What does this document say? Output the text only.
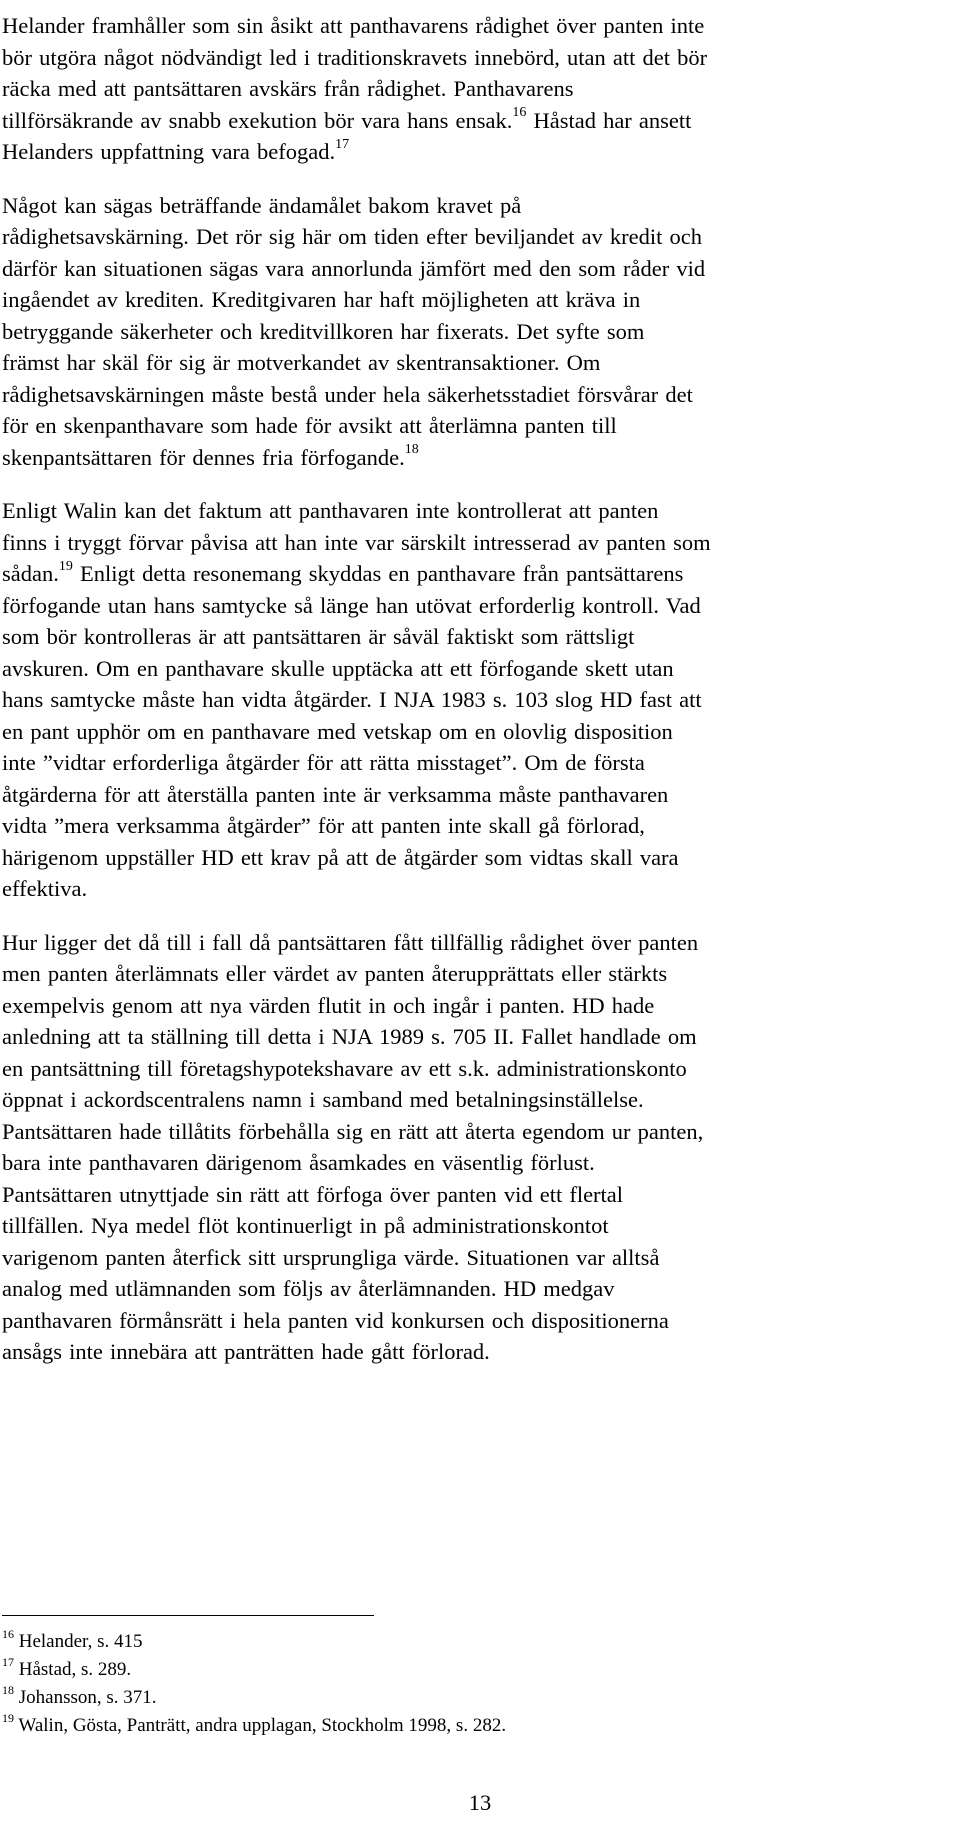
Helander framhåller som sin åsikt att panthavarens rådighet över panten inte
bör utgöra något nödvändigt led i traditionskravets innebörd, utan att det bör
räcka med att pantsättaren avskärs från rådighet. Panthavarens
tillförsäkrande av snabb exekution bör vara hans ensak.$^{16}$ Håstad har ansett
Helanders uppfattning vara befogad.$^{17}$
Något kan sägas beträffande ändamålet bakom kravet på
rådighetsavskärning. Det rör sig här om tiden efter beviljandet av kredit och
därför kan situationen sägas vara annorlunda jämfört med den som råder vid
ingåendet av krediten. Kreditgivaren har haft möjligheten att kräva in
betryggande säkerheter och kreditvillkoren har fixerats. Det syfte som
främst har skäl för sig är motverkandet av skentransaktioner. Om
rådighetsavskärningen måste bestå under hela säkerhetsstadiet försvårar det
för en skenpanthavare som hade för avsikt att återlämna panten till
skenpantsättaren för dennes fria förfogande.$^{18}$
Enligt Walin kan det faktum att panthavaren inte kontrollerat att panten
finns i tryggt förvar påvisa att han inte var särskilt intresserad av panten som
sådan.$^{19}$ Enligt detta resonemang skyddas en panthavare från pantsättarens
förfogande utan hans samtycke så länge han utövat erforderlig kontroll. Vad
som bör kontrolleras är att pantsättaren är såväl faktiskt som rättsligt
avskuren. Om en panthavare skulle upptäcka att ett förfogande skett utan
hans samtycke måste han vidta åtgärder. I NJA 1983 s. 103 slog HD fast att
en pant upphör om en panthavare med vetskap om en olovlig disposition
inte ”vidtar erforderliga åtgärder för att rätta misstaget”. Om de första
åtgärderna för att återställa panten inte är verksamma måste panthavaren
vidta ”mera verksamma åtgärder” för att panten inte skall gå förlorad,
härigenom uppställer HD ett krav på att de åtgärder som vidtas skall vara
effektiva.
Hur ligger det då till i fall då pantsättaren fått tillfällig rådighet över panten
men panten återlämnats eller värdet av panten återupprättats eller stärkts
exempelvis genom att nya värden flutit in och ingår i panten. HD hade
anledning att ta ställning till detta i NJA 1989 s. 705 II. Fallet handlade om
en pantsättning till företagshypotekshavare av ett s.k. administrationskonto
öppnat i ackordscentralens namn i samband med betalningsinställelse.
Pantsättaren hade tillåtits förbehålla sig en rätt att återta egendom ur panten,
bara inte panthavaren därigenom åsamkades en väsentlig förlust.
Pantsättaren utnyttjade sin rätt att förfoga över panten vid ett flertal
tillfällen. Nya medel flöt kontinuerligt in på administrationskontot
varigenom panten återfick sitt ursprungliga värde. Situationen var alltså
analog med utlämnanden som följs av återlämnanden. HD medgav
panthavaren förmånsrätt i hela panten vid konkursen och dispositionerna
ansågs inte innebära att panträtten hade gått förlorad.
$^{16}$ Helander, s. 415
$^{17}$ Håstad, s. 289.
$^{18}$ Johansson, s. 371.
$^{19}$ Walin, Gösta, Panträtt, andra upplagan, Stockholm 1998, s. 282.
13
